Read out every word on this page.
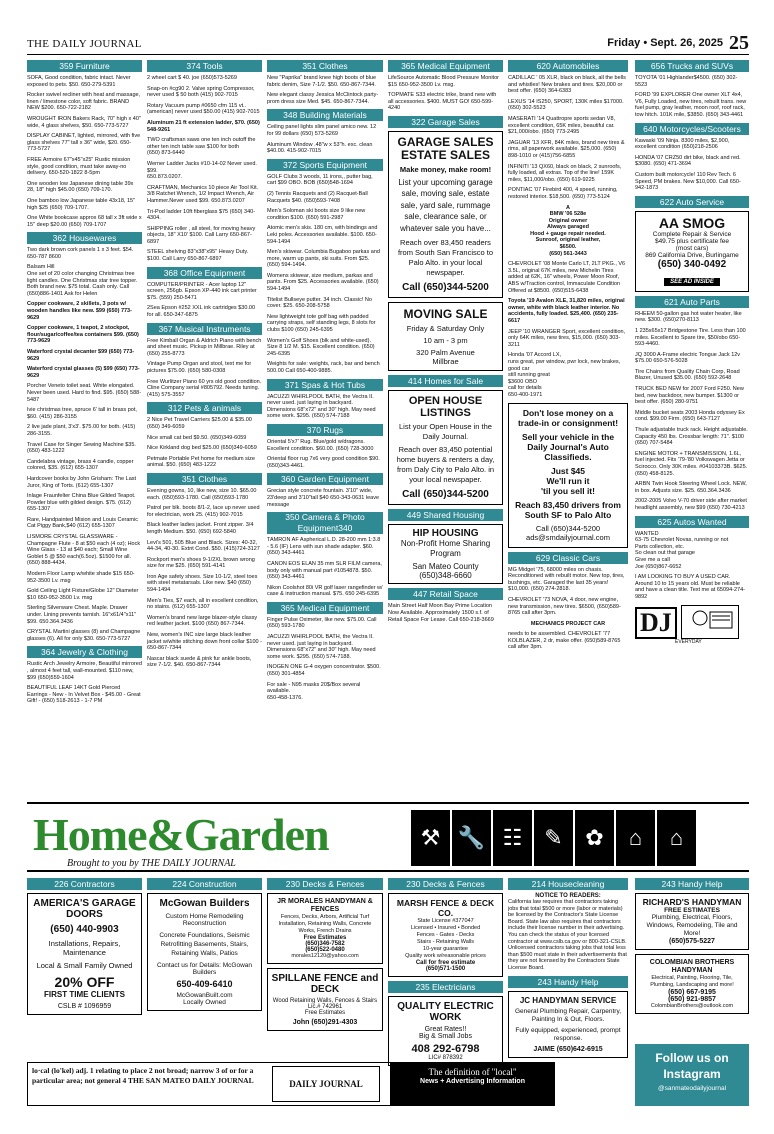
THE DAILY JOURNAL	Friday • Sept. 26, 2025 25
359 Furniture
SOFA, Good condition, fabric intact. Never exposed to pets. $50. 650-279-5391
Rocker swivel recliner with heat and massage, linen / limestone color, soft fabric. BRAND NEW $200. 650-722-2182
WROUGHT IRON Bakers Rack, 70" high x 40" wide, 4 glass shelves, $50. 650-773-5727
DISPLAY CABINET, lighted, mirrored, with five glass shelves 77" tall x 36" wide, $20. 650-773-5727
FREE Armoire 67"x45"x25" Rustic mission style, good condition, must take away-no delivery. 650-520-1822 8-5pm
One wooden low Japanese dining table 39x 28, 18" high $45.00 (650) 709-170.
One bamboo low Japanese table 43x18, 15" high $25 (650) 709-1707.
One White bookcase approx 68 tall x 3ft wide x 15" deep $20.00 (650) 709-1707
362 Housewares
Two dark brown cork panels 1 x 3 feet. $54. 650-787 8600
Balsam Hill
One set of 20 color changing Christmas tree light candles. One Christmas star tree topper. Both brand new. $75 total. Cash only. Call (650)886-1401 Ask for Helen
Copper cookware, 2 skillets, 3 pots w/ wooden handles like new. $99 (650) 773-9629
Copper cookware, 1 teapot, 2 stockpot, flour/sugar/coffee/tea containers $99. (650) 773-9629
Waterford crystal decanter $99 (650) 773-9629
Waterford crystal glasses (5) $99 (650) 773-9629
Porcher Veneto toilet seat. White elongated. Never been used. Hard to find. $95. (650) 588-5487
Ivie christmas tree, spruce 6' tall in brass pot, $60. (415) 286-3155
2 live jade plant, 3'x3'. $75.00 for both. (415) 286-3155.
Travel Case for Singer Sewing Machine $35. (650) 483-1222
Candelabra vintage, brass 4 candle, copper colored, $35. (612) 655-1307
Hardcover books by John Grisham: The Last Juror, King of Torts. (612) 655-1307
Inlage Fraunfelter China Blue Gilded Teapot. Powder blue with gilded design. $75. (612) 655-1307
Rare, Handpainted Mision and Louis Ceramic Cat Piggy Bank,$40 (612) 655-1307
LISMORE CRYSTAL GLASSWARE - Champagne Flute - 8 at $50 each (4 oz); Hock Wine Glass - 13 at $40 each; Small Wine Goblet 5 @ $50 each(6.5oz). $1500 for all. (650) 888-4434.
Modern Floor Lamp w/white shade $15 650-952-3500 Lv. msg
Gold Ceiling Light Fixture/Globe 12" Diameter $10 650-952-3500 Lv. msg
Sterling Silverware Chest. Maple. Drawer under. Lining prevents tarnish. 16"x61/4"x11" $99. 650.364.3436
CRYSTAL Martini glasses (8) and Champagne glasses (6). All for only $30. 650-773-5727
364 Jewelry & Clothing
Rustic Arch Jewelry Armoire, Beautiful mirrored , almost 4 feet tall, wall-mounted. $110 new, $99 (650)559-1604
BEAUTIFUL LEAF 14KT Gold Pierced Earrings - New - In Velvet Box - $45.00 - Great Gift! - (650) 518-2613 - 1-7 PM
374 Tools
2 wheel cart $ 40. joe (650)573-5269
Snap-on #cg90 2. Valve spring Compressor, never used $ 50 both (415) 902-7015
Rotary Vacuum pump #0650 cfm 115 vt.. (american) never used $50.00 (415) 902-7015
Aluminum 21 ft extension ladder, $70. (650) 548-9261
TWO craftsman saws one ten inch outoff the other ten inch table saw $100 for both
(650) 873-6440
Werner Ladder Jacks #10-14-02 Never used. $99.
650.873.0207.
CRAFTMAN, Mechanics 10 piece Air Tool Kit. 3/8 Ratchet Wrench, 1/2 Impact Wrench, Air Hammer.Never used $99. 650.873.0207
Tri-Pod ladder 10ft fiberglass $75 (650) 340-4304.
SHIPPING roller , all steel, for moving heavy objects, 18" X10' $100. Call Larry 650-867-6897
STEEL shelving 83"x38"x95" Heavy Duty. $100. Call Larry 650-867-6897
368 Office Equipment
COMPUTER/PRINTER - Acer laptop 12" screen, 256gb. Epson XP-440 ink cart printer $75. (559) 250-5471
2Sea Epson #252 XXL ink cartridges $30.00 for all. 650-347-6875
367 Musical Instruments
Free Kimball Organ & Aldrich Piano with bench and sheet music. Pickup in Millbrae. Riley at (650) 255-8773
Vintage Pump Organ and stool, text me for pictures $75.00. (650) 580-0308
Free Wurlitzer Piano 60 yrs old good condition. Cline Company serial #805792. Needs tuning. (415) 575-3557
312 Pets & animals
2 Nice Pet Travel Carriers $25.00 & $35.00 (650) 349-6059
Nice small cat bed $9.50. (650)349-6059
Nice Kirkland dog bed $25.00 (650)349-6059
Petmate Portable Pet home for medium size animal. $50. (650) 483-1222
351 Clothes
Evening gowns, 10, like new, size 10. $65.00 each. (650)593-1780. Call (650)593-1780
Patrol per blk. boots 8/1-2, lace up never used for electrician, work 25. (415) 902-7015
Black leather ladies jacket. Front zipper. 3/4 length Medium. $50. (650) 692-5840
Levi's 501, 505 Blue and Black. Sizes: 40-32, 44-34, 40-30. Extnt Cond. $50. (415)724-3127
Rockport men's shoes 9-1/2XL brown wrong size for me $25. (650) 591-4141
Iron Age safety shoes. Size 10-1/2, steel toes with steel metatarsals. Like new. $40 (650) 594-1494
Men's Ties, $7 each, all in excellent condition, no stains. (612) 655-1307
Women's brand new large blazer-style classy red leather jacket. $100 (650) 867-7344.
New, women's INC size large black leather jacket w/white stitching down front collar $100 - 650-867-7344
Nascar black suede & pink fur ankle boots, size 7-1/2. $40. 650-867-7344
351 Clothes
New "Paprika" brand knee high boots of blue fabric denim, Size 7-1/2. $50. 650-867-7344.
New elegant classy Jessica McClintock party-prom dress size Med. $45. 650-867-7344.
348 Building Materials
Ceiling panel lights slim panel amico new. 12 for 99 dollars (650) 573-5269
Aluminum Window .48"w x 53"h. exc. clean $40.00. 415-902-7015
372 Sports Equipment
GOLF Clubs 3 woods, 11 irons,, putter bag, cart $99 OBO. BOB (650)548-1694
(2) Tennis Racquets and (2) Racquet-Ball Racquets $40. (650)593-7408
Men's Soloman ski boots size 9 like new condition $100. (650) 591-2987
Atomic men's skis. 180 cm, with bindings and Leki poles. Accessories available. $100. 650-594-1494
Men's skiwear. Columbia Bugaboo parkas and more, warm up pants, ski suits. From $25. (650) 594-1494.
Womens skiwear, size medium, parkas and pants. From $25. Accessories available. (650) 594-1494
Titelist Bullseye putter. 34 inch. Classic! No cover. $25. 650-208-5758
New lightweight tote golf bag with padded carrying straps, self standing legs, 8 slots for clubs $100 (650) 245-6395
Women's Golf Shoes (blk and white-used). Size 8 1/2 M. $15. Excellent condition. (650) 245-6395
Weights for sale: weights, rack, bar and bench 500.00 Call 650-400-9885.
371 Spas & Hot Tubs
JACUZZI WHIRLPOOL BATH, the Vectra II. never used. just laying in backyard. Dimensions 68"x72" and 30" high. May need some work. $295. (650) 574-7188
370 Rugs
Oriental 5'x7' Rug. Blue/gold w/dragons. Excellent condition. $60.00. (650) 728-3000
Oriental floor rug 7x6 very good condition $90. (650)343-4461.
360 Garden Equipment
Grecian style concrete fountain. 3'10" wide, 23'deep and 3'10"tall $40 650-343-0631 leave message
350 Camera & Photo Equipment340
TAMRON AF Aspherical L.D. 28-200 mm 1:3.8 - 5.6 (IF) Lens with sun shade adapter. $60. (650) 343-4461
CANON EOS ELAN 35 mm SLR FILM camera, body only with manual part #1054878. $50. (650) 343-4461
Nikon Coolshot 80i VR golf laser rangefinder w/ case & instruction manual. $75. 650 245-6395
365 Medical Equipment
Finger Pulse Oximeter, like new. $75.00. Call (650) 593-1780
JACUZZI WHIRLPOOL BATH, the Vectra II. never used. just laying in backyard. Dimensions 68"x72" and 30" high. May need some work. $295. (650) 574-7188.
INOGEN ONE G-4 oxygen concentrator. $500. (650) 301-4854
For sale - N95 masks 20$/Box several available.
650-458-1376.
365 Medical Equipment
LifeSource Automatic Blood Pressure Monitor $15 650-952-3500 Lv. msg.
TOPMATE S33 electric trike, brand new with all accessories. $400. MUST GO! 650-599-4240
322 Garage Sales
GARAGE SALES ESTATE SALES
Make money, make room!
List your upcoming garage sale, moving sale, estate sale, yard sale, rummage sale, clearance sale, or whatever sale you have...
Reach over 83,450 readers from South San Francisco to Palo Alto. in your local newspaper.
Call (650)344-5200
MOVING SALE
Friday & Saturday Only
10 am - 3 pm
320 Palm Avenue
Millbrae
414 Homes for Sale
OPEN HOUSE LISTINGS
List your Open House in the Daily Journal.
Reach over 83,450 potential home buyers & renters a day, from Daly City to Palo Alto. in your local newspaper.
Call (650)344-5200
449 Shared Housing
HIP HOUSING
Non-Profit Home Sharing Program
San Mateo County
(650)348-6660
447 Retail Space
Main Street Half Moon Bay Prime Location Now Available. Approximately 1500 s.f. of Retail Space For Lease. Call 650-218-3669
620 Automobiles
CADILLAC ' 05 XLR, black on black, all the bells and whistles! New brakes and tires. $20,000 or best offer. (650) 364-6383
LEXUS '14 IS250, SPORT, 130K miles $17000. (650) 302-5523
MASERATI '14 Quattropre sports sedan V8, excellent condition, 65K miles, beautiful car. $21,000/obo. (650) 773-2495
JAGUAR '13 XFR, 84K miles, brand new tires & rims, all paperwork available. $25,000. (650) 898-1010 or (415)756-6855
INFINITI '13 QX60, black on black, 2 sunroofs, fully loaded, all extras. Top of the line! 159K miles, $11,000/obo. (650) 619-9225
PONTIAC '07 Firebird 400, 4 speed, running, restored interior. $18,500. (650) 773-5124
A
BMW '06 528e
Original owner
Always garaged
Hood + gauge repair needed.
Sunroof, original leather,
$6500.
(650) 561-3443
CHEVROLET '08 Monte Carlo LT, 2LT PKG., V6 3.5L, original 67K miles, new Michelin Tires added at 62K, 16" wheels, Power Moon Roof, ABS w/Traction control, Immaculate Condition Offered at $8500. (650)515-6438
Toyota '19 Avalon XLE, 31,820 miles, original owner, white with black leather interior. No accidents, fully loaded. $25,400. (650) 235-6617
JEEP '10 WRANGER Sport, excellent condition, only 64K miles, new tires, $15,000. (650) 303-3211
Honda '07 Accord LX,
runs great, pwr window, pwr lock, new brakes, good car
still running great
$3600 OBO
call for details
650-400-1971
Don't lose money on a trade-in or consignment!
Sell your vehicle in the Daily Journal's Auto Classifieds.
Just $45
We'll run it
'til you sell it!
Reach 83,450 drivers from South SF to Palo Alto
Call (650)344-5200
ads@smdailyjournal.com
629 Classic Cars
MG Midget '75, 68000 miles on chasis. Reconditioned with rebuilt motor. New top, tires, bushings, etc. Garaged the last 35 years! $10,000. (650) 274-2818.
CHEVROLET '73 NOVA, 4 door, new engine, new transmission, new tires. $6500, (650)589-8765 call after 3pm.
MECHANICS PROJECT CAR
needs to be assembled. CHEVROLET '77 KOLBLAZER, 2 dr, make offer. (650)589-8765 call after 3pm.
656 Trucks and SUVs
TOYOTA '01 Highlander$4500. (650) 302-5523
FORD '99 EXPLORER One owner XLT 4x4, V6, Fully Loaded, new tires, rebuilt trans. new fuel pump, gray leather, moon roof, roof rack, tow hitch. 101K mile, $3850. (650) 343-4461
640 Motorcycles/Scooters
Kawaski '09 Ninja. 8300 miles, $2,900, excellent condition (650)218-2506
HONDA '07 CRZ50 dirt bike, black and red. $3080. (650) 471-3694
Custom built motorcycle! 110 Rev Tech. 6 Speed, PM brakes. New $10,000. Call 650-942-1873
622 Auto Service
AA SMOG
Complete Repair & Service
$49.75 plus certificate fee
(most cars)
869 California Drive, Burlingame
(650) 340-0492
SEE AD INSIDE
621 Auto Parts
RHEEM 50-gallon gas hot water heater, like new. $300. (650)270-8113
1 235x65x17 Bridgestone Tire. Less than 100 miles. Excellent to Spare tire, $50/obo 650-593-4460.
JQ 3000 A-Frame electric Tongue Jack 12v $75.00 650-576-5028
Tire Chains from Quality Chain Corp, Road Blazer, Unused $35.00. (650) 592-2648
TRUCK BED NEW for 2007 Ford F250. New bed, new backdoor, new bumper. $1300 or best offer. (650) 280-9751
Middle bucket seats 2003 Honda odyssey Ex cond. $99.00 Firm. (650) 643-7127
Thule adjustable truck rack. Height adjustable. Capacity 450 lbs. Crossbar length: 71". $100 (650) 707-5484
ENGINE MOTOR + TRANSMISSION, 1.6L, fuel injected. Fits '79-'80 Volkswagen Jetta or Scirocco. Only 30K miles. #04103373B. $625. (650) 458-8125.
ARBN Twin Hook Steering Wheel Lock. NEW, in box. Adjusts size. $25. 650.364.3436
2002-2005 Volvo V-70 driver side after market headlight assembly, new $99 (650) 730-4213
625 Autos Wanted
WANTED
63-75 Chevrolet Novas, running or not
Parts collection, etc.
So clean out that garage
Give me a call
Joe (650)867-6652
I AM LOOKING TO BUY A USED CAR. Around 10 to 15 years old. Must be reliable and have a clean title. Text me at 65094-274-9892
DJ
EVERYDAY
Home&Garden
Brought to you by THE DAILY JOURNAL
⚒ 🔧 ☷ ✎	✿	⌂	⌂
226 Contractors
AMERICA'S GARAGE DOORS
(650) 440-9903
Installations, Repairs, Maintenance
Local & Small Family Owned
20% OFF
FIRST TIME CLIENTS
CSLB # 1096959
224 Construction
McGowan Builders
Custom Home Remodeling
Reconstruction
Concrete Foundations, Seismic Retrofitting Basements, Stairs, Retaining Walls, Patios
Contact us for Details: McGowan Builders
650-409-6410
McGowanBuilt.com
Locally Owned
230 Decks & Fences
JR MORALES HANDYMAN & FENCES
Fences, Decks, Arbors, Artificial Turf Installation, Retaining Walls, Concrete Works, French Drains
Free Estimates
(650)346-7582
(650)522-0480
morales12120@yahoo.com
SPILLANE FENCE and DECK
Wood Retaining Walls, Fences & Stairs
Lic.# 742961
Free Estimates
John (650)291-4303
230 Decks & Fences
MARSH FENCE & DECK CO.
State License #377047
Licensed • Insured • Bonded
Fences - Gates - Decks
Stairs - Retaining Walls
10-year guarantee
Quality work w/reasonable prices
Call for free estimate
(650)571-1500
235 Electricians
QUALITY ELECTRIC WORK
Great Rates!!
Big & Small Jobs
408 292-6798
LIC# 878392
214 Housecleaning
NOTICE TO READERS:
California law requires that contractors taking jobs that total $500 or more (labor or materials) be licensed by the Contractor's State License Board. State law also requires that contractors include their license number in their advertising. You can check the status of your licensed contractor at www.cslb.ca.gov or 800-321-CSLB. Unlicensed contractors taking jobs that total less than $500 must state in their advertisements that they are not licensed by the Contractors State License Board.
243 Handy Help
JC HANDYMAN SERVICE
General Plumbing Repair, Carpentry, Painting In & Out, Floors.
Fully equipped, experienced, prompt response.
JAIME (650)642-6915
243 Handy Help
RICHARD'S HANDYMAN
FREE ESTIMATES
Plumbing, Electrical, Floors, Windows, Remodeling, Tile and More!
(650)575-5227
COLOMBIAN BROTHERS HANDYMAN
Electrical, Painting, Flooring, Tile, Plumbing, Landscaping and more!
(650) 667-9195
(650) 921-9857
ColombianBrothers@outlook.com
lo·cal (lo'kel) adj. 1 relating to place 2 not broad; narrow 3 of or for a particular area; not general 4 THE SAN MATEO DAILY JOURNAL	DAILY JOURNAL
The definition of "local"
News + Advertising Information
Follow us on Instagram
@sanmateodailyjournal
